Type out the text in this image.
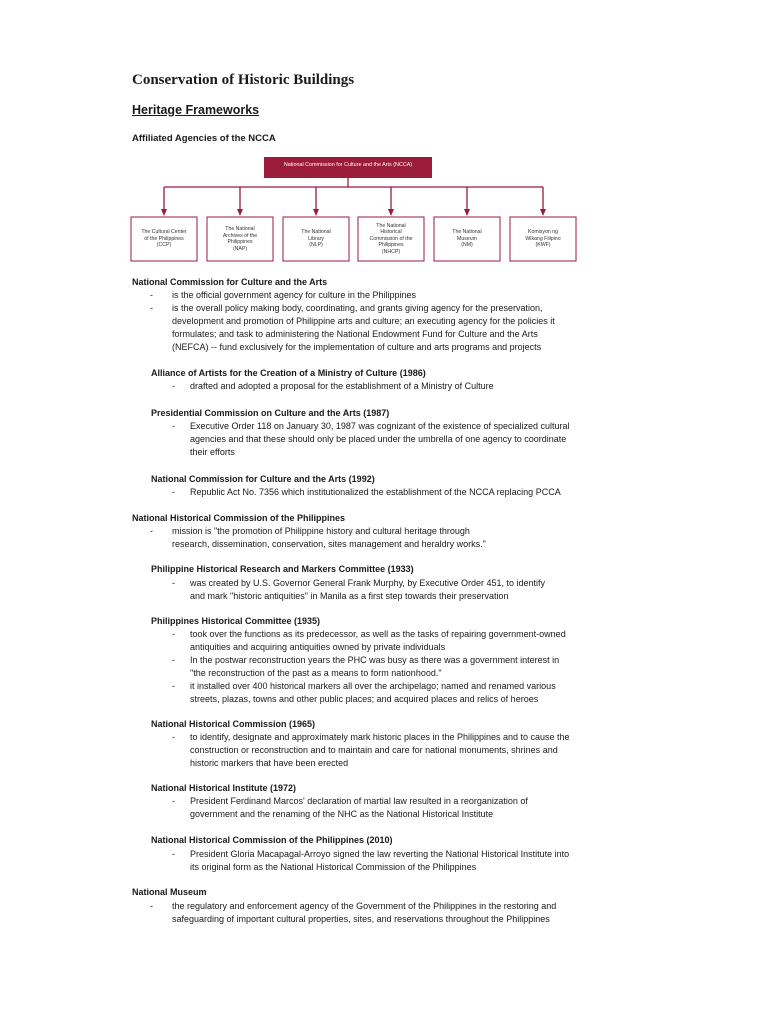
Conservation of Historic Buildings
Heritage Frameworks
Affiliated Agencies of the NCCA
National Commission for Culture and the Arts (NCCA)
The Cultural Center
of the Philippines
(CCP)
The National
Archives of the
Philippines
(NAP)
The National
Library
(NLP)
The National
Historical
Commission of the
Philippines
(NHCP)
The National
Museum
(NM)
Komisyon ng
Wikang Filipino
(KWF)
National Commission for Culture and the Arts
- is the official government agency for culture in the Philippines
- is the overall policy making body, coordinating, and grants giving agency for the preservation,
development and promotion of Philippine arts and culture; an executing agency for the policies it
formulates; and task to administering the National Endowment Fund for Culture and the Arts
(NEFCA) -- fund exclusively for the implementation of culture and arts programs and projects
Alliance of Artists for the Creation of a Ministry of Culture (1986)
- drafted and adopted a proposal for the establishment of a Ministry of Culture
Presidential Commission on Culture and the Arts (1987)
- Executive Order 118 on January 30, 1987 was cognizant of the existence of specialized cultural
agencies and that these should only be placed under the umbrella of one agency to coordinate
their efforts
National Commission for Culture and the Arts (1992)
- Republic Act No. 7356 which institutionalized the establishment of the NCCA replacing PCCA
National Historical Commission of the Philippines
- mission is "the promotion of Philippine history and cultural heritage through
research, dissemination, conservation, sites management and heraldry works."
Philippine Historical Research and Markers Committee (1933)
- was created by U.S. Governor General Frank Murphy, by Executive Order 451, to identify
and mark "historic antiquities" in Manila as a first step towards their preservation
Philippines Historical Committee (1935)
- took over the functions as its predecessor, as well as the tasks of repairing government-owned
antiquities and acquiring antiquities owned by private individuals
- In the postwar reconstruction years the PHC was busy as there was a government interest in
"the reconstruction of the past as a means to form nationhood."
- it installed over 400 historical markers all over the archipelago; named and renamed various
streets, plazas, towns and other public places; and acquired places and relics of heroes
National Historical Commission (1965)
- to identify, designate and approximately mark historic places in the Philippines and to cause the
construction or reconstruction and to maintain and care for national monuments, shrines and
historic markers that have been erected
National Historical Institute (1972)
- President Ferdinand Marcos' declaration of martial law resulted in a reorganization of
government and the renaming of the NHC as the National Historical Institute
National Historical Commission of the Philippines (2010)
- President Gloria Macapagal-Arroyo signed the law reverting the National Historical Institute into
its original form as the National Historical Commission of the Philippines
National Museum
- the regulatory and enforcement agency of the Government of the Philippines in the restoring and
safeguarding of important cultural properties, sites, and reservations throughout the Philippines
